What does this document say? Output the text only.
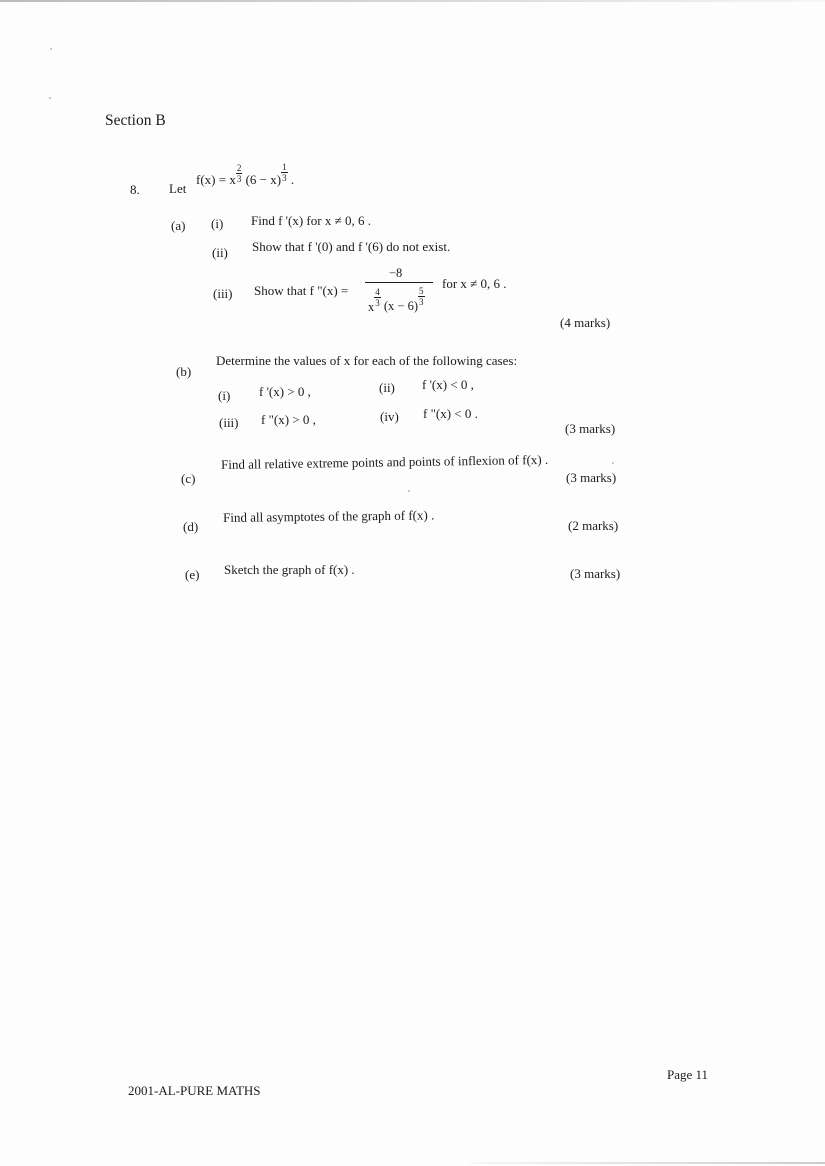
Section B
8. Let
f(x) = x $\frac{2}{3} (6 - x) \frac{1}{3}$ .
(a) (i) Find f '(x) for x ≠ 0, 6 .
(ii) Show that f '(0) and f '(6) do not exist.
(iii) Show that f "(x) =
−8
x $\frac{4}{3} (x - 6) \frac{5}{3}$
for x ≠ 0, 6 .
(4 marks)
(b)
Determine the values of x for each of the following cases:
(i) f '(x) > 0 ,	(ii) f '(x) < 0 ,
(iii) f "(x) > 0 ,	(iv) f "(x) < 0 .
(3 marks)
(c)
Find all relative extreme points and points of inflexion of f(x) .
(3 marks)
(d)
Find all asymptotes of the graph of f(x) .
(2 marks)
(e) Sketch the graph of f(x) .	(3 marks)
Page 11
2001-AL-PURE MATHS
